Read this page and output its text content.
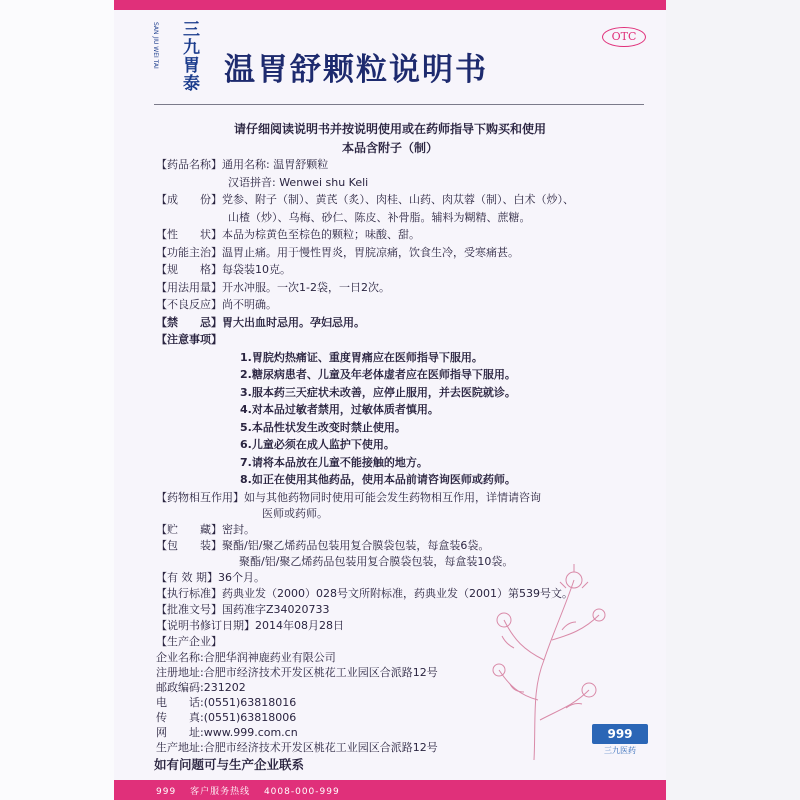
三九胃泰
SAN JIU WEI TAI
温胃舒颗粒说明书
OTC
请仔细阅读说明书并按说明使用或在药师指导下购买和使用
本品含附子（制）
【药品名称】通用名称: 温胃舒颗粒
汉语拼音: Wenwei shu Keli
【成　　份】党参、附子（制）、黄芪（炙）、肉桂、山药、肉苁蓉（制）、白术（炒）、
山楂（炒）、乌梅、砂仁、陈皮、补骨脂。辅料为糊精、蔗糖。
【性　　状】本品为棕黄色至棕色的颗粒；味酸、甜。
【功能主治】温胃止痛。用于慢性胃炎，胃脘凉痛，饮食生冷，受寒痛甚。
【规　　格】每袋装10克。
【用法用量】开水冲服。一次1-2袋，一日2次。
【不良反应】尚不明确。
【禁　　忌】胃大出血时忌用。孕妇忌用。
【注意事项】
1.胃脘灼热痛证、重度胃痛应在医师指导下服用。
2.糖尿病患者、儿童及年老体虚者应在医师指导下服用。
3.服本药三天症状未改善，应停止服用，并去医院就诊。
4.对本品过敏者禁用，过敏体质者慎用。
5.本品性状发生改变时禁止使用。
6.儿童必须在成人监护下使用。
7.请将本品放在儿童不能接触的地方。
8.如正在使用其他药品，使用本品前请咨询医师或药师。
【药物相互作用】如与其他药物同时使用可能会发生药物相互作用，详情请咨询
医师或药师。
【贮　　藏】密封。
【包　　装】聚酯/铝/聚乙烯药品包装用复合膜袋包装，每盒装6袋。
聚酯/铝/聚乙烯药品包装用复合膜袋包装，每盒装10袋。
【有 效 期】36个月。
【执行标准】药典业发（2000）028号文所附标准，药典业发（2001）第539号文。
【批准文号】国药准字Z34020733
【说明书修订日期】2014年08月28日
【生产企业】
企业名称:合肥华润神鹿药业有限公司
注册地址:合肥市经济技术开发区桃花工业园区合派路12号
邮政编码:231202
电　　话:(0551)63818016
999
三九医药
如有问题可与生产企业联系
999 客户服务热线 4008-000-999
传　　真:(0551)63818006
网　　址:www.999.com.cn
生产地址:合肥市经济技术开发区桃花工业园区合派路12号
